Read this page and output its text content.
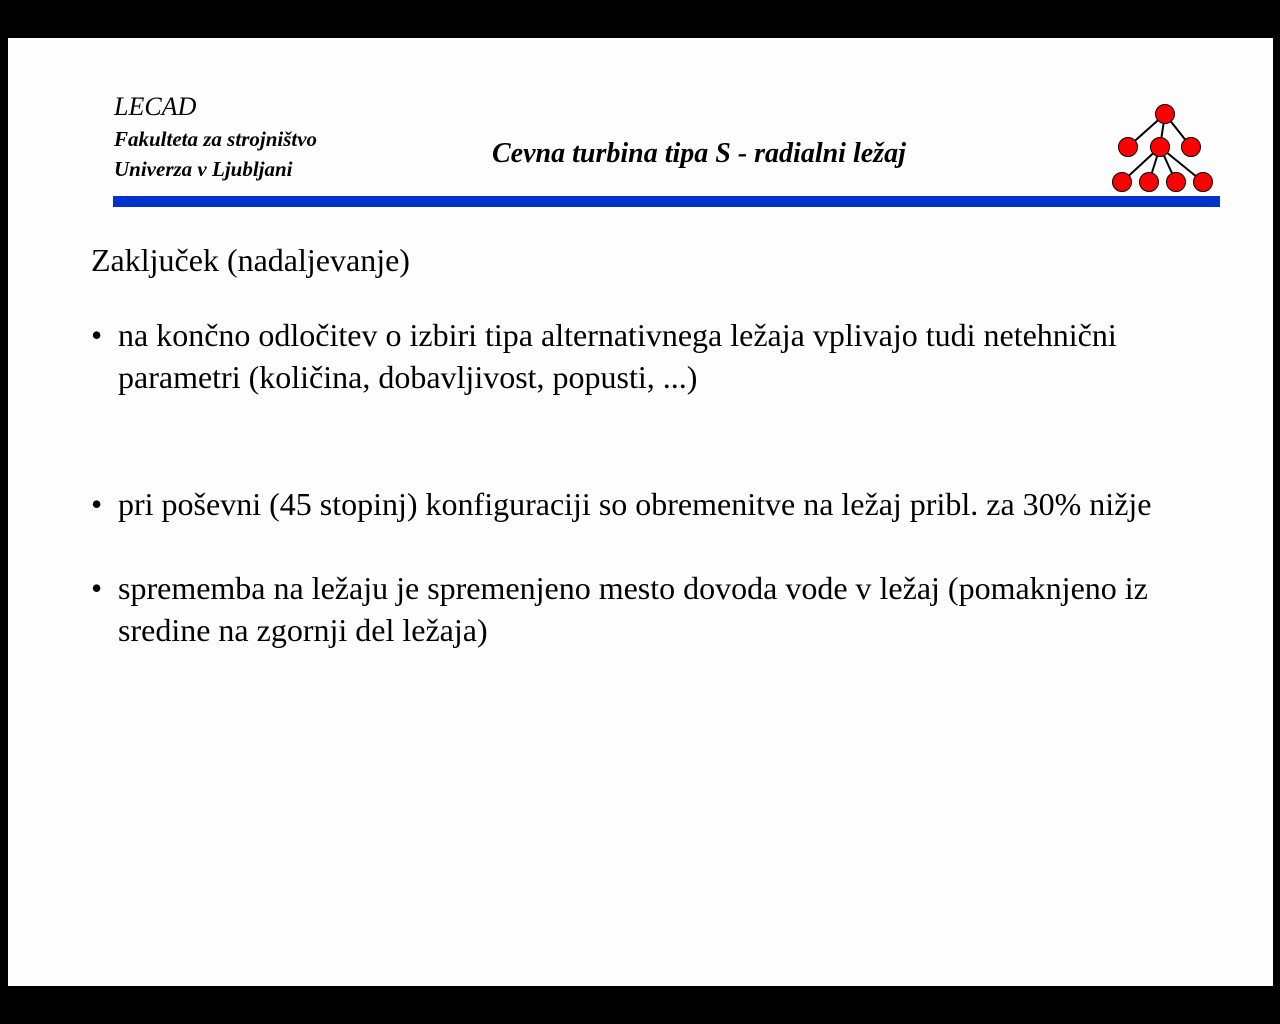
LECAD
Fakulteta za strojništvo
Univerza v Ljubljani	Cevna turbina tipa S - radialni ležaj

Zaključek (nadaljevanje)

• na končno odločitev o izbiri tipa alternativnega ležaja vplivajo tudi netehnični parametri (količina, dobavljivost, popusti, ...)

• pri poševni (45 stopinj) konfiguraciji so obremenitve na ležaj pribl. za 30% nižje

• sprememba na ležaju je spremenjeno mesto dovoda vode v ležaj (pomaknjeno iz sredine na zgornji del ležaja)
